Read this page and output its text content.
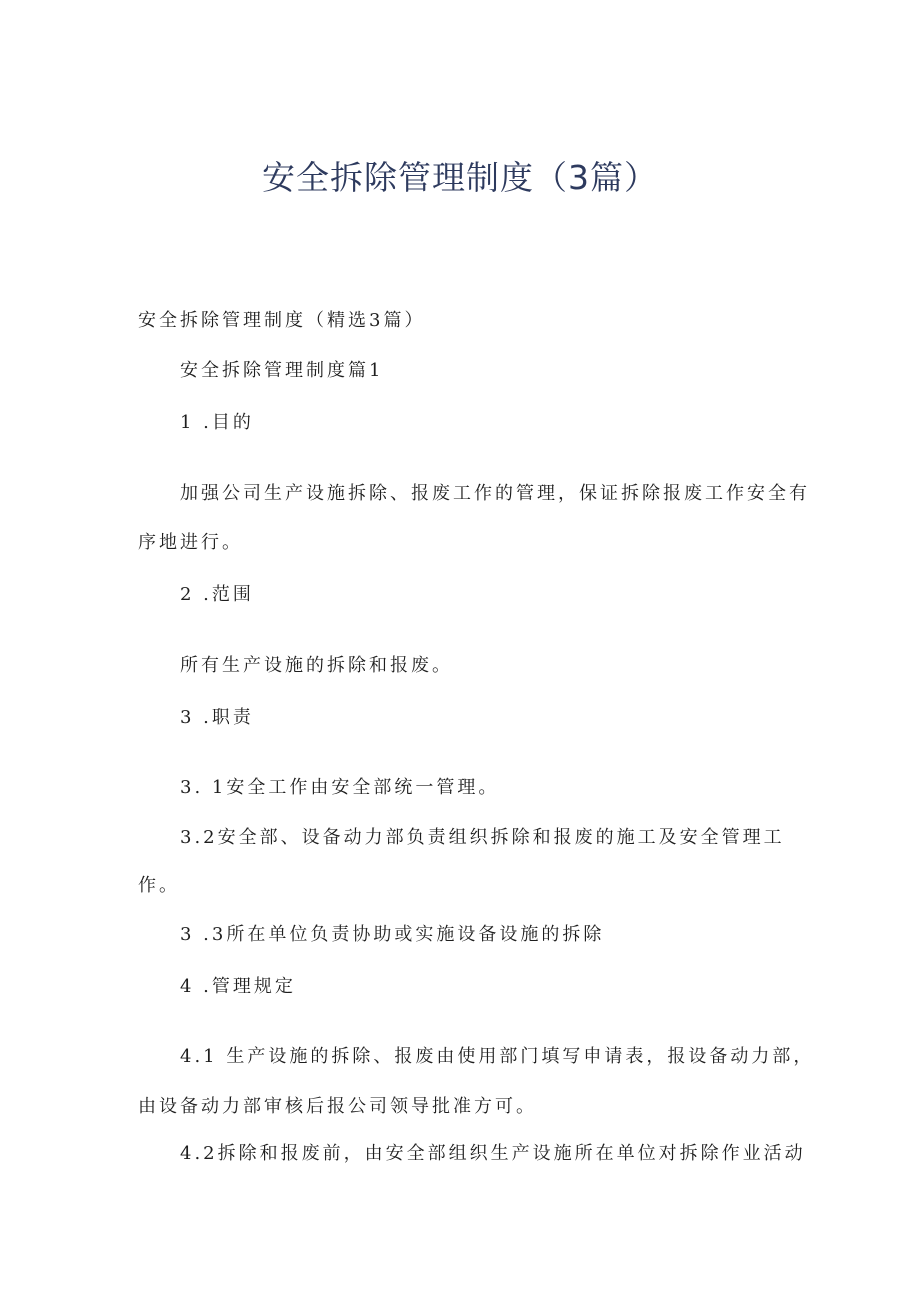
安全拆除管理制度（3篇）
安全拆除管理制度（精选3篇）
安全拆除管理制度篇1
1 .目的
加强公司生产设施拆除、报废工作的管理，保证拆除报废工作安全有
序地进行。
2 .范围
所有生产设施的拆除和报废。
3 .职责
3. 1安全工作由安全部统一管理。
3.2安全部、设备动力部负责组织拆除和报废的施工及安全管理工
作。
3 .3所在单位负责协助或实施设备设施的拆除
4 .管理规定
4.1 生产设施的拆除、报废由使用部门填写申请表，报设备动力部，
由设备动力部审核后报公司领导批准方可。
4.2拆除和报废前，由安全部组织生产设施所在单位对拆除作业活动
